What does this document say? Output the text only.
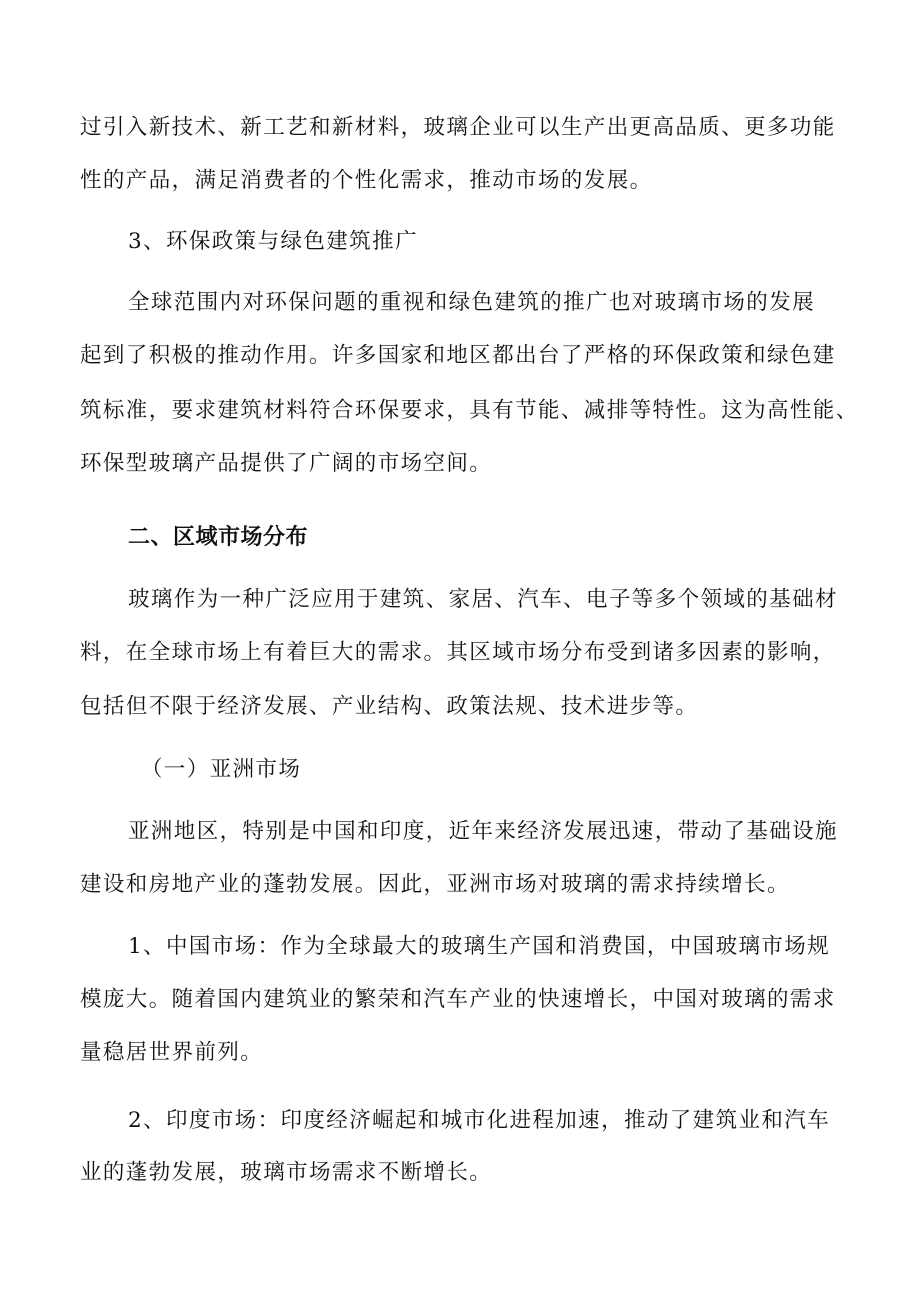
过引入新技术、新工艺和新材料，玻璃企业可以生产出更高品质、更多功能
性的产品，满足消费者的个性化需求，推动市场的发展。
3、环保政策与绿色建筑推广
全球范围内对环保问题的重视和绿色建筑的推广也对玻璃市场的发展
起到了积极的推动作用。许多国家和地区都出台了严格的环保政策和绿色建
筑标准，要求建筑材料符合环保要求，具有节能、减排等特性。这为高性能、
环保型玻璃产品提供了广阔的市场空间。
二、区域市场分布
玻璃作为一种广泛应用于建筑、家居、汽车、电子等多个领域的基础材
料，在全球市场上有着巨大的需求。其区域市场分布受到诸多因素的影响，
包括但不限于经济发展、产业结构、政策法规、技术进步等。
（一）亚洲市场
亚洲地区，特别是中国和印度，近年来经济发展迅速，带动了基础设施
建设和房地产业的蓬勃发展。因此，亚洲市场对玻璃的需求持续增长。
1、中国市场：作为全球最大的玻璃生产国和消费国，中国玻璃市场规
模庞大。随着国内建筑业的繁荣和汽车产业的快速增长，中国对玻璃的需求
量稳居世界前列。
2、印度市场：印度经济崛起和城市化进程加速，推动了建筑业和汽车
业的蓬勃发展，玻璃市场需求不断增长。
